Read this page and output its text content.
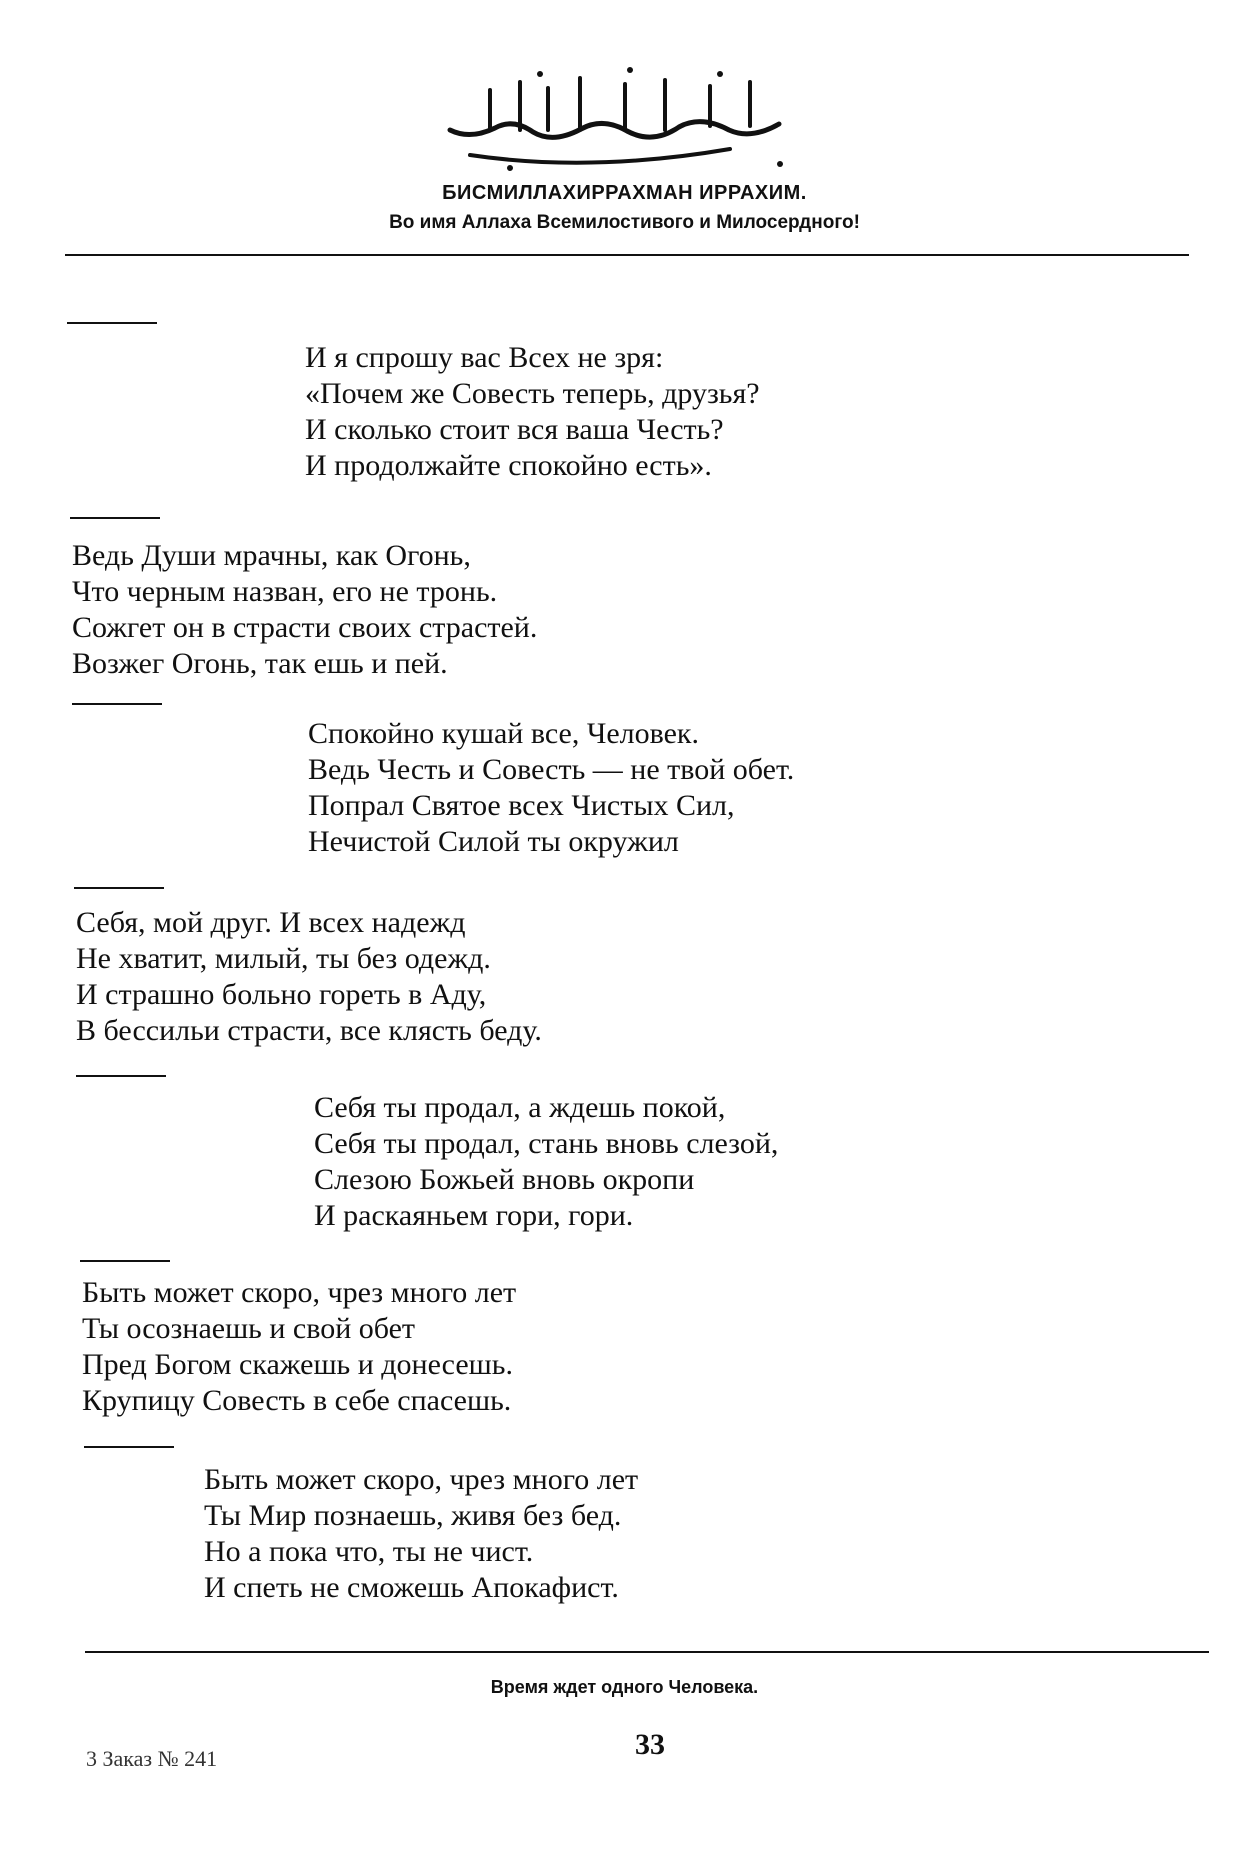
БИСМИЛЛАХИРРАХМАН ИРРАХИМ.
Во имя Аллаха Всемилостивого и Милосердного!
И я спрошу вас Всех не зря:
«Почем же Совесть теперь, друзья?
И сколько стоит вся ваша Честь?
И продолжайте спокойно есть».
Ведь Души мрачны, как Огонь,
Что черным назван, его не тронь.
Сожгет он в страсти своих страстей.
Возжег Огонь, так ешь и пей.
Спокойно кушай все, Человек.
Ведь Честь и Совесть — не твой обет.
Попрал Святое всех Чистых Сил,
Нечистой Силой ты окружил
Себя, мой друг. И всех надежд
Не хватит, милый, ты без одежд.
И страшно больно гореть в Аду,
В бессильи страсти, все клясть беду.
Себя ты продал, а ждешь покой,
Себя ты продал, стань вновь слезой,
Слезою Божьей вновь окропи
И раскаяньем гори, гори.
Быть может скоро, чрез много лет
Ты осознаешь и свой обет
Пред Богом скажешь и донесешь.
Крупицу Совесть в себе спасешь.
Быть может скоро, чрез много лет
Ты Мир познаешь, живя без бед.
Но а пока что, ты не чист.
И спеть не сможешь Апокафист.
Время ждет одного Человека.
33
3 Заказ № 241
